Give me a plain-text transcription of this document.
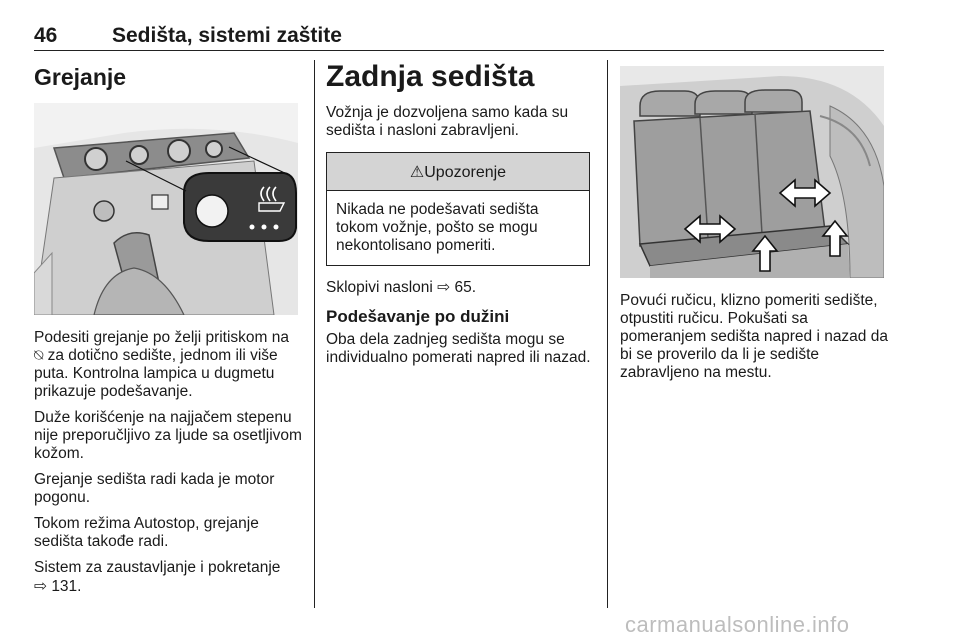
46	Sedišta, sistemi zaštite
Grejanje

Podesiti grejanje po želji pritiskom na ⍉ za dotično sedište, jednom ili više puta. Kontrolna lampica u dugmetu prikazuje podešavanje.

Duže korišćenje na najjačem stepenu nije preporučljivo za ljude sa osetljivom kožom.

Grejanje sedišta radi kada je motor pogonu.

Tokom režima Autostop, grejanje sedišta takođe radi.

Sistem za zaustavljanje i pokretanje
⇨ 131.

Zadnja sedišta

Vožnja je dozvoljena samo kada su sedišta i nasloni zabravljeni.

⚠Upozorenje

Nikada ne podešavati sedišta tokom vožnje, pošto se mogu nekontolisano pomeriti.

Sklopivi nasloni ⇨ 65.

Podešavanje po dužini

Oba dela zadnjeg sedišta mogu se individualno pomerati napred ili nazad.

Povući ručicu, klizno pomeriti sedište, otpustiti ručicu. Pokušati sa pomeranjem sedišta napred i nazad da bi se proverilo da li je sedište zabravljeno na mestu.

carmanualsonline.info
